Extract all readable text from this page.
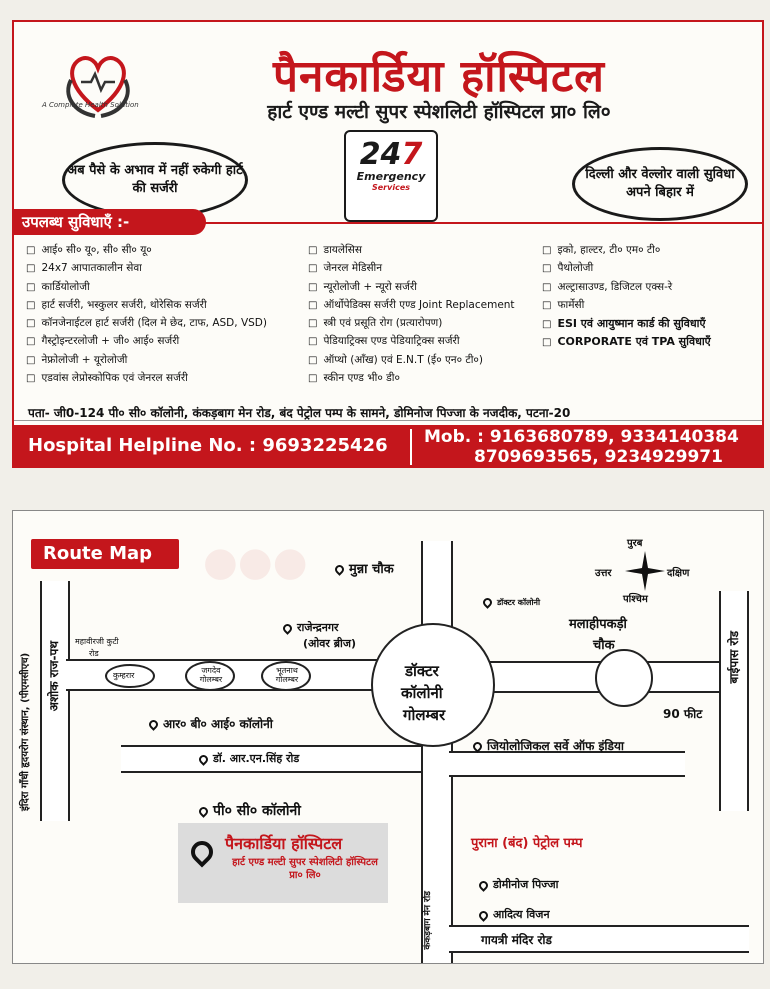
A Complete Health Solution
पैनकार्डिया हॉस्पिटल
हार्ट एण्ड मल्टी सुपर स्पेशलिटी हॉस्पिटल प्रा० लि०
अब पैसे के अभाव में नहीं रुकेगी हार्ट की सर्जरी
247
Emergency
Services
दिल्ली और वेल्लोर वाली सुविधा अपने बिहार में
उपलब्ध सुविधाएँ :-
□ आई० सी० यू०, सी० सी० यू०
□ 24x7 आपातकालीन सेवा
□ कार्डियोलोजी
□ हार्ट सर्जरी, भस्कुलर सर्जरी, थोरेसिक सर्जरी
□ कॉनजेनाईटल हार्ट सर्जरी (दिल मे छेद, टाफ, ASD, VSD)
□ गैस्ट्रोइन्टरलोजी + जी० आई० सर्जरी
□ नेफ्रोलोजी + यूरोलोजी
□ एडवांस लेप्रोस्कोपिक एवं जेनरल सर्जरी
□ डायलेसिस
□ जेनरल मेडिसीन
□ न्यूरोलोजी + न्यूरो सर्जरी
□ ऑर्थोपेडिक्स सर्जरी एण्ड Joint Replacement
□ स्त्री एवं प्रसूति रोग (प्रत्यारोपण)
□ पेडियाट्रिक्स एण्ड पेडियाट्रिक्स सर्जरी
□ ऑप्थो (आँख) एवं E.N.T (ई० एन० टी०)
□ स्कीन एण्ड भी० डी०
□ इको, हाल्टर, टी० एम० टी०
□ पैथोलोजी
□ अल्ट्रासाउण्ड, डिजिटल एक्स-रे
□ फार्मेसी
□ ESI एवं आयुष्मान कार्ड की सुविधाएँ
□ CORPORATE एवं TPA सुविधाएँ
पता- जी0-124 पी० सी० कॉलोनी, कंकड़बाग मेन रोड, बंद पेट्रोल पम्प के सामने, डोमिनोज पिज्जा के नजदीक, पटना-20
Hospital Helpline No. : 9693225426 Mob. : 9163680789, 9334140384
8709693565, 9234929971
●●●
Route Map
इंदिरा गाँधी हृदयरोग संस्थान, (पीएमसीएच) अशोक राज-पथ	कुम्हरार
जगदेव गोलम्बर
भूतनाथ गोलम्बर
महावीरजी कुटी
रोड
कंकड़बाग मेन रोड
90 फीट
बाईपास रोड
डॉक्टर
कॉलोनी
गोलम्बर
मलाहीपकड़ी
चौक
मुन्ना चौक
राजेन्द्रनगर
(ओवर ब्रीज)
डॉक्टर कॉलोनी
आर० बी० आई० कॉलोनी
डॉ. आर.एन.सिंह रोड
जियोलोजिकल सर्वे ऑफ इंडिया
पी० सी० कॉलोनी
पैनकार्डिया हॉस्पिटल
हार्ट एण्ड मल्टी सुपर स्पेशलिटी हॉस्पिटल प्रा० लि०
पुराना (बंद) पेट्रोल पम्प
डोमीनोज पिज्जा
आदित्य विजन
गायत्री मंदिर रोड
पुरब
उत्तर	दक्षिण
पश्चिम
